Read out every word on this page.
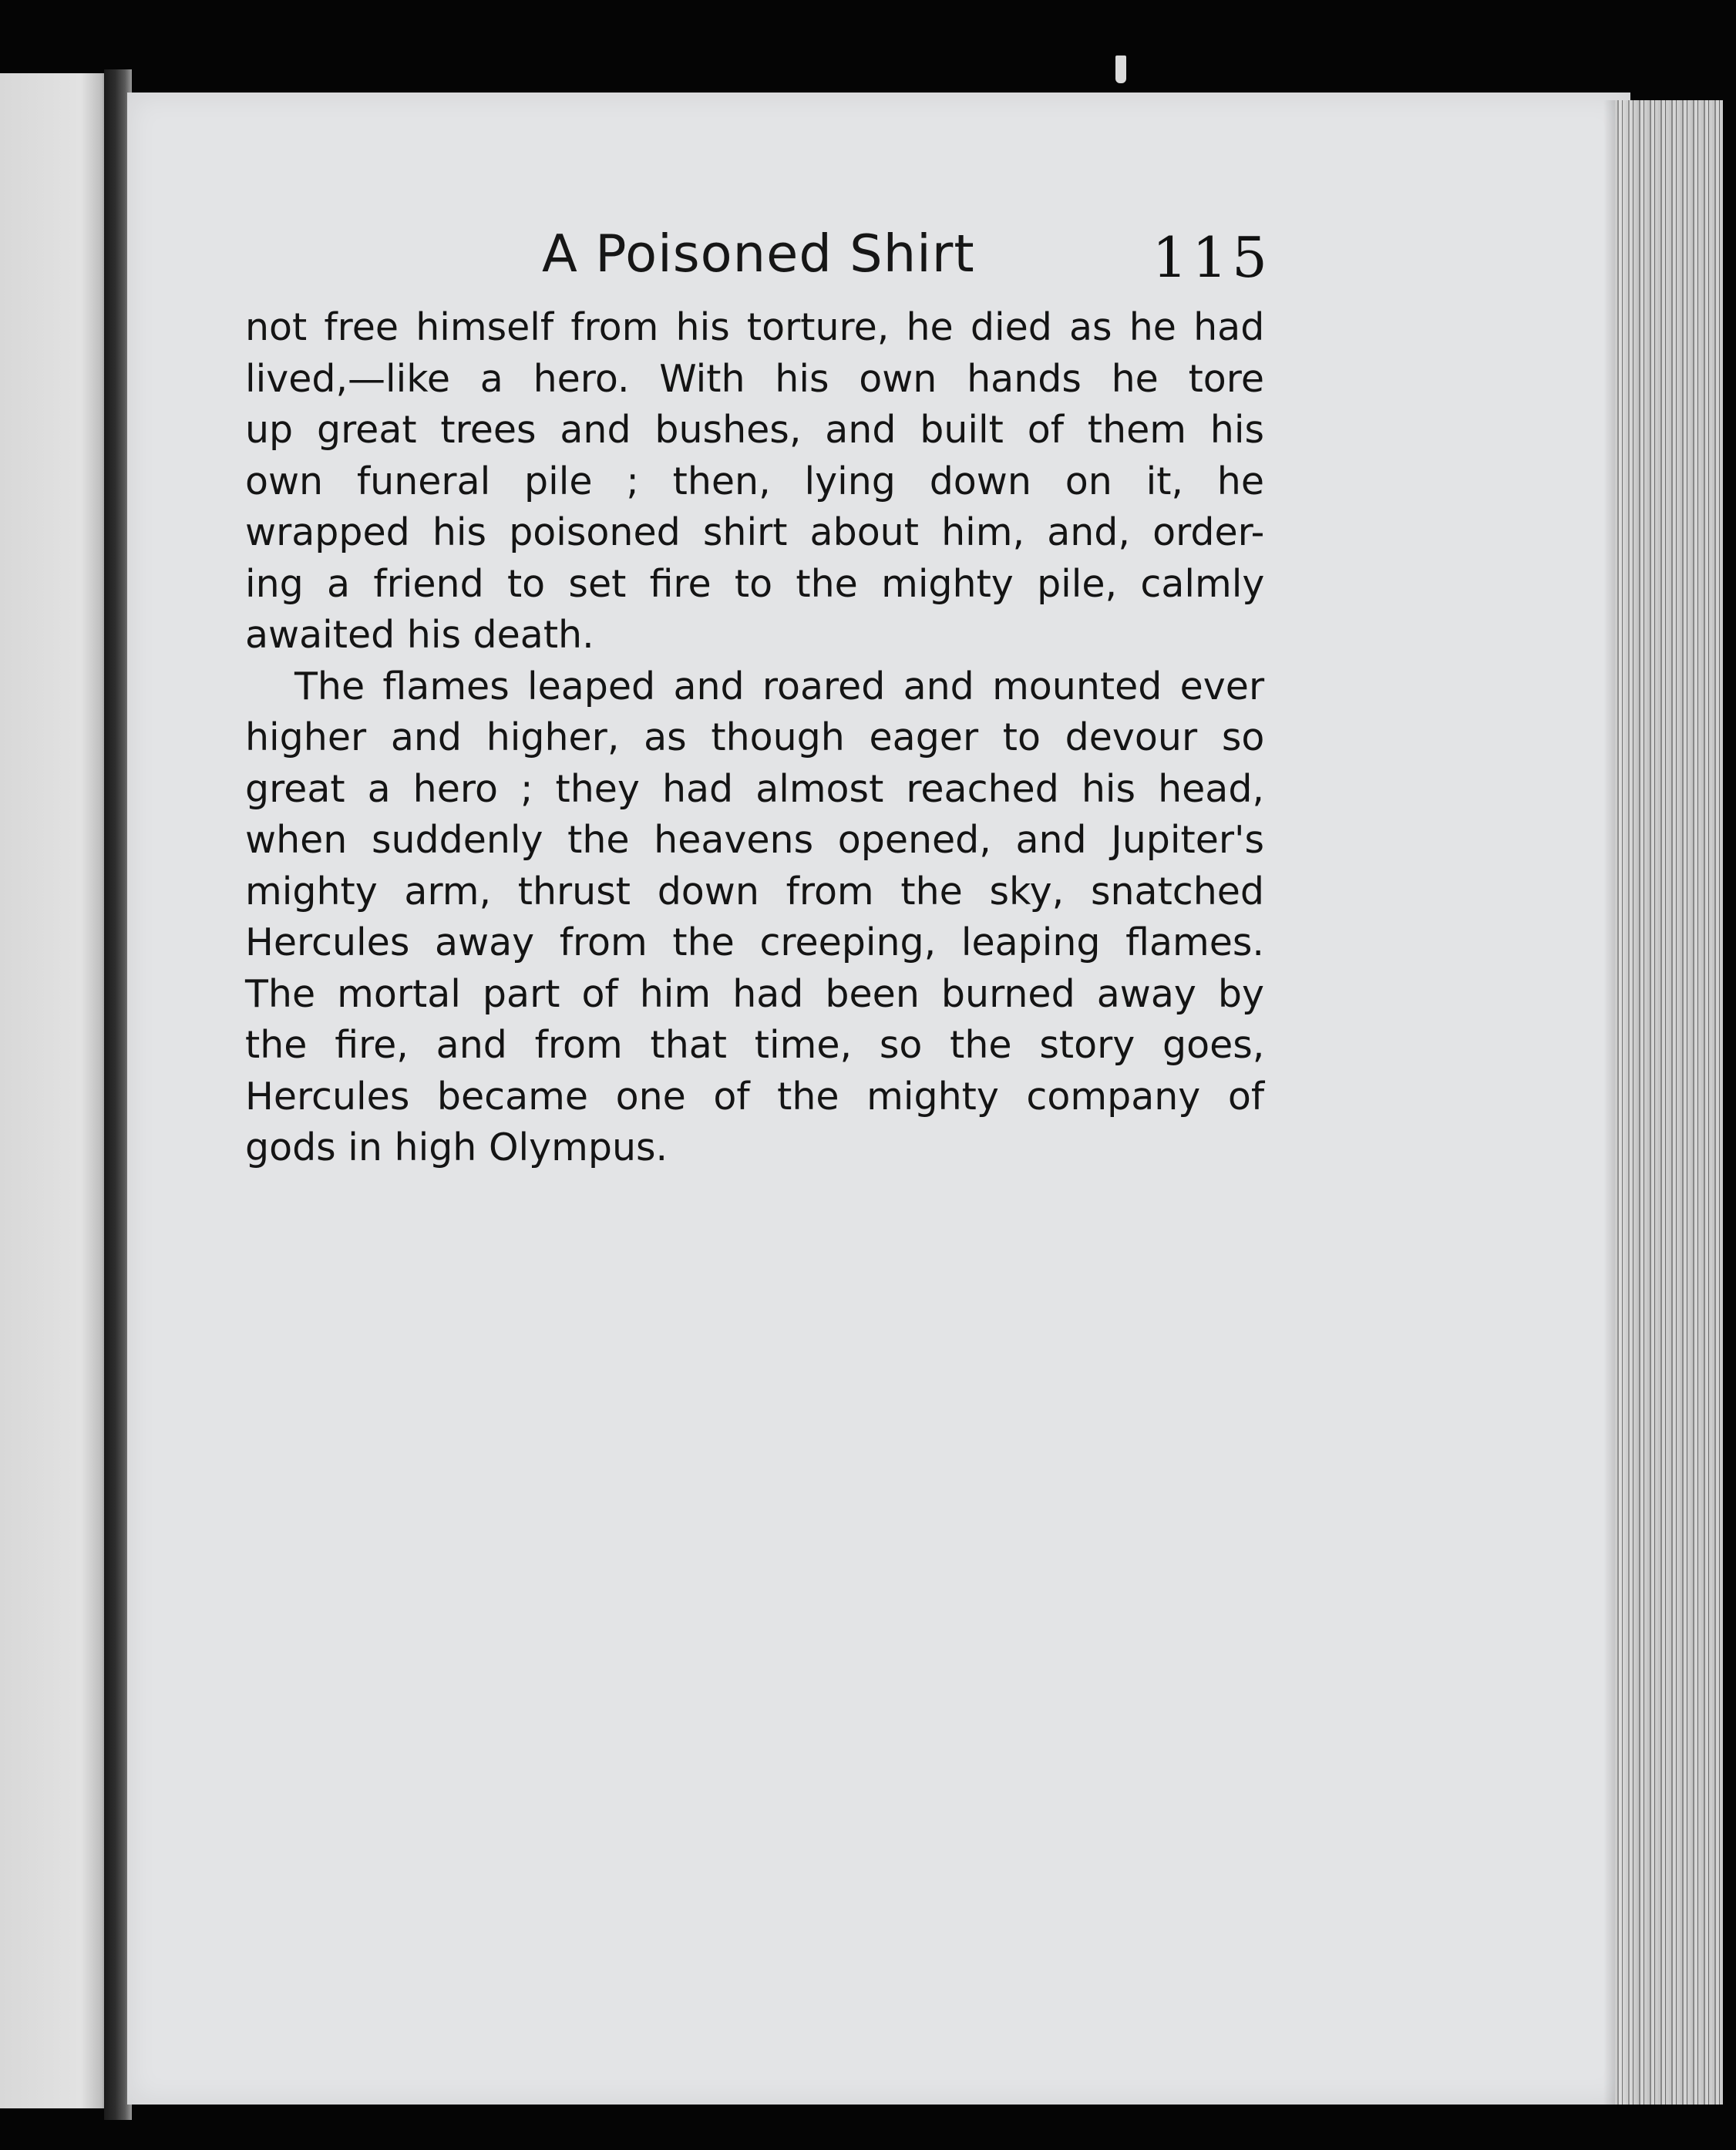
A Poisoned Shirt	115
not free himself from his torture, he died as he had
lived,—like a hero. With his own hands he tore
up great trees and bushes, and built of them his
own funeral pile ; then, lying down on it, he
wrapped his poisoned shirt about him, and, order-
ing a friend to set fire to the mighty pile, calmly
awaited his death.
The flames leaped and roared and mounted ever
higher and higher, as though eager to devour so
great a hero ; they had almost reached his head,
when suddenly the heavens opened, and Jupiter's
mighty arm, thrust down from the sky, snatched
Hercules away from the creeping, leaping flames.
The mortal part of him had been burned away by
the fire, and from that time, so the story goes,
Hercules became one of the mighty company of
gods in high Olympus.
